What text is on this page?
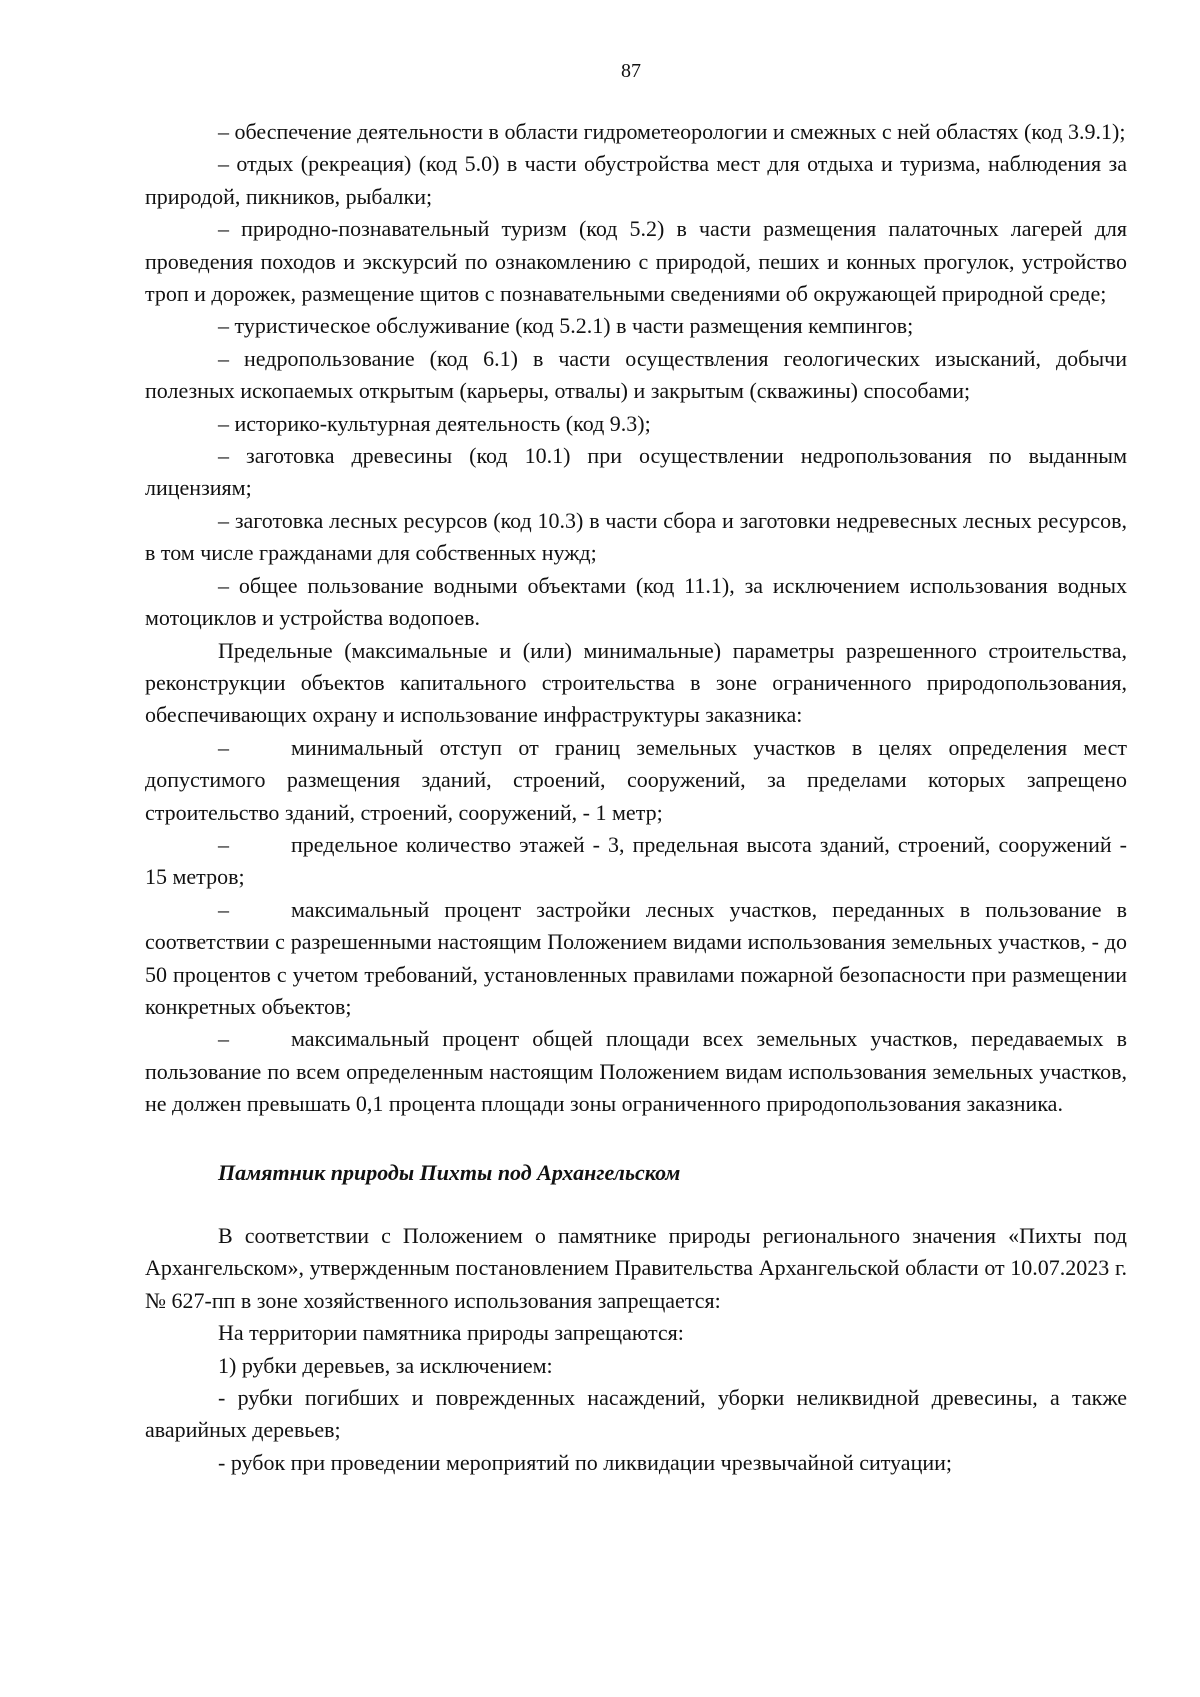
87

– обеспечение деятельности в области гидрометеорологии и смежных с ней областях (код 3.9.1);

– отдых (рекреация) (код 5.0) в части обустройства мест для отдыха и туризма, наблюдения за природой, пикников, рыбалки;

– природно-познавательный туризм (код 5.2) в части размещения палаточных лагерей для проведения походов и экскурсий по ознакомлению с природой, пеших и конных прогулок, устройство троп и дорожек, размещение щитов с познавательными сведениями об окружающей природной среде;

– туристическое обслуживание (код 5.2.1) в части размещения кемпингов;

– недропользование (код 6.1) в части осуществления геологических изысканий, добычи полезных ископаемых открытым (карьеры, отвалы) и закрытым (скважины) способами;

– историко-культурная деятельность (код 9.3);

– заготовка древесины (код 10.1) при осуществлении недропользования по выданным лицензиям;

– заготовка лесных ресурсов (код 10.3) в части сбора и заготовки недревесных лесных ресурсов, в том числе гражданами для собственных нужд;

– общее пользование водными объектами (код 11.1), за исключением использования водных мотоциклов и устройства водопоев.

Предельные (максимальные и (или) минимальные) параметры разрешенного строительства, реконструкции объектов капитального строительства в зоне ограниченного природопользования, обеспечивающих охрану и использование инфраструктуры заказника:

–	минимальный отступ от границ земельных участков в целях определения мест допустимого размещения зданий, строений, сооружений, за пределами которых запрещено строительство зданий, строений, сооружений, - 1 метр;

–	предельное количество этажей - 3, предельная высота зданий, строений, сооружений - 15 метров;

–	максимальный процент застройки лесных участков, переданных в пользование в соответствии с разрешенными настоящим Положением видами использования земельных участков, - до 50 процентов с учетом требований, установленных правилами пожарной безопасности при размещении конкретных объектов;

–	максимальный процент общей площади всех земельных участков, передаваемых в пользование по всем определенным настоящим Положением видам использования земельных участков, не должен превышать 0,1 процента площади зоны ограниченного природопользования заказника.

Памятник природы Пихты под Архангельском

В соответствии с Положением о памятнике природы регионального значения «Пихты под Архангельском», утвержденным постановлением Правительства Архангельской области от 10.07.2023 г. № 627-пп в зоне хозяйственного использования запрещается:

На территории памятника природы запрещаются:

1) рубки деревьев, за исключением:

- рубки погибших и поврежденных насаждений, уборки неликвидной древесины, а также аварийных деревьев;

- рубок при проведении мероприятий по ликвидации чрезвычайной ситуации;
